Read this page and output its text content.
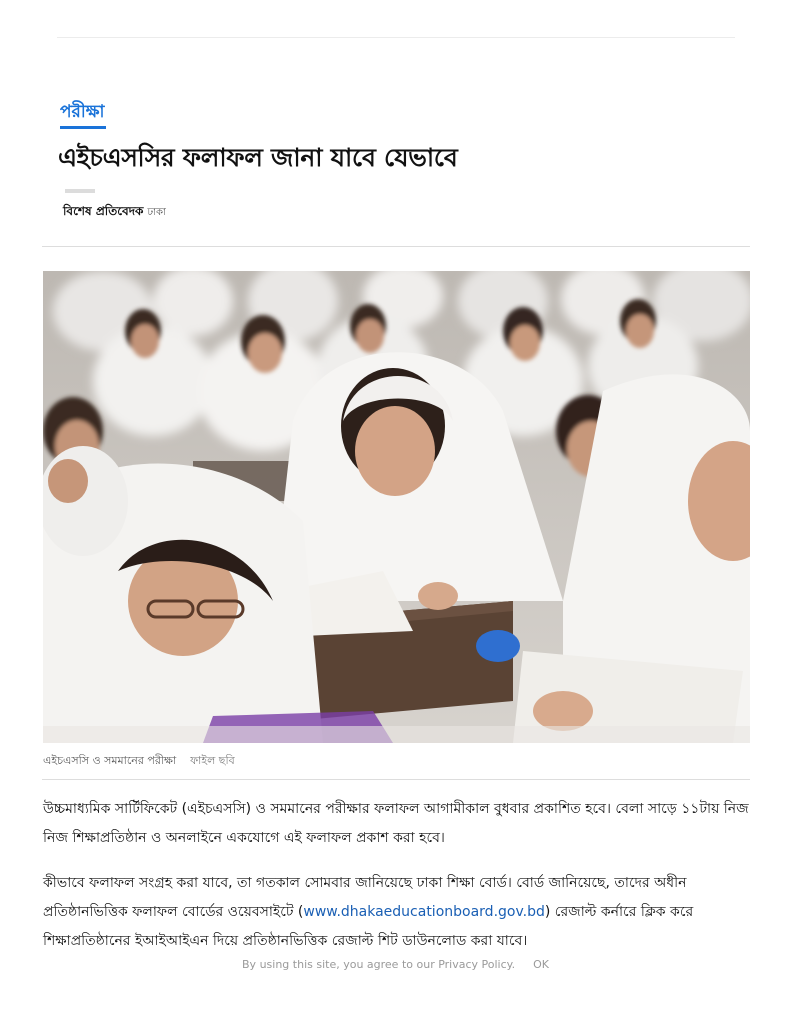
পরীক্ষা
এইচএসসির ফলাফল জানা যাবে যেভাবে
বিশেষ প্রতিবেদক ঢাকা
এইচএসসি ও সমমানের পরীক্ষা ফাইল ছবি

উচ্চমাধ্যমিক সার্টিফিকেট (এইচএসসি) ও সমমানের পরীক্ষার ফলাফল আগামীকাল বুধবার প্রকাশিত হবে। বেলা সাড়ে ১১টায় নিজ নিজ শিক্ষাপ্রতিষ্ঠান ও অনলাইনে একযোগে এই ফলাফল প্রকাশ করা হবে।

কীভাবে ফলাফল সংগ্রহ করা যাবে, তা গতকাল সোমবার জানিয়েছে ঢাকা শিক্ষা বোর্ড। বোর্ড জানিয়েছে, তাদের অধীন প্রতিষ্ঠানভিত্তিক ফলাফল বোর্ডের ওয়েবসাইটে (www.dhakaeducationboard.gov.bd) রেজাল্ট কর্নারে ক্লিক করে শিক্ষাপ্রতিষ্ঠানের ইআইআইএন দিয়ে প্রতিষ্ঠানভিত্তিক রেজাল্ট শিট ডাউনলোড করা যাবে।

By using this site, you agree to our Privacy Policy. OK
